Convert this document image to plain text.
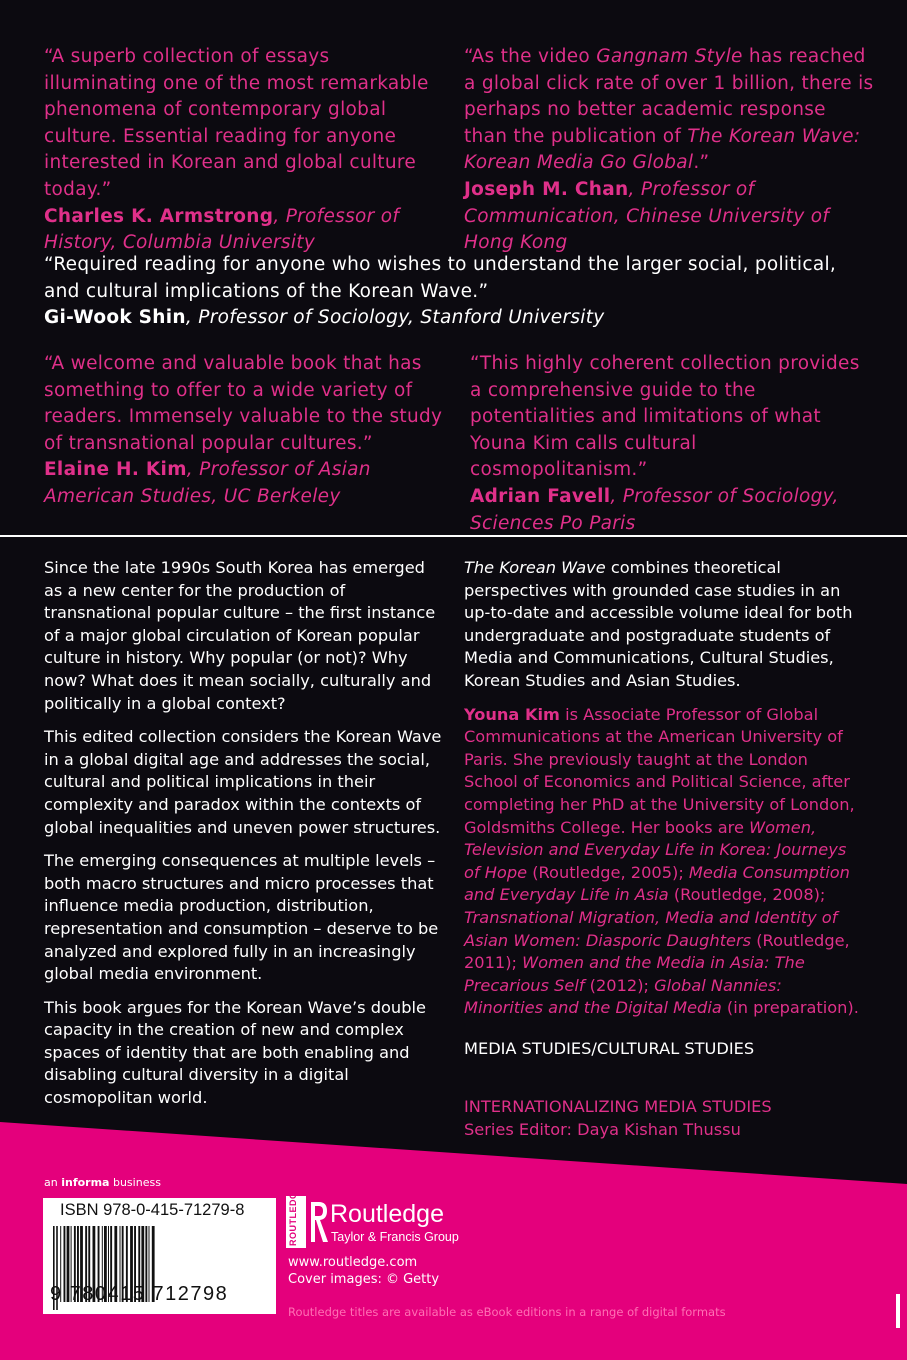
“A superb collection of essays illuminating one of the most remarkable phenomena of contemporary global culture. Essential reading for anyone interested in Korean and global culture today.”
Charles K. Armstrong, Professor of History, Columbia University
“As the video Gangnam Style has reached a global click rate of over 1 billion, there is perhaps no better academic response than the publication of The Korean Wave: Korean Media Go Global.”
Joseph M. Chan, Professor of Communication, Chinese University of Hong Kong
“Required reading for anyone who wishes to understand the larger social, political, and cultural implications of the Korean Wave.”
Gi-Wook Shin, Professor of Sociology, Stanford University
“A welcome and valuable book that has something to offer to a wide variety of readers. Immensely valuable to the study of transnational popular cultures.”
Elaine H. Kim, Professor of Asian American Studies, UC Berkeley
“This highly coherent collection provides a comprehensive guide to the potentialities and limitations of what Youna Kim calls cultural cosmopolitanism.”
Adrian Favell, Professor of Sociology, Sciences Po Paris

Since the late 1990s South Korea has emerged as a new center for the production of transnational popular culture – the first instance of a major global circulation of Korean popular culture in history. Why popular (or not)? Why now? What does it mean socially, culturally and politically in a global context?

This edited collection considers the Korean Wave in a global digital age and addresses the social, cultural and political implications in their complexity and paradox within the contexts of global inequalities and uneven power structures.

The emerging consequences at multiple levels – both macro structures and micro processes that influence media production, distribution, representation and consumption – deserve to be analyzed and explored fully in an increasingly global media environment.

This book argues for the Korean Wave’s double capacity in the creation of new and complex spaces of identity that are both enabling and disabling cultural diversity in a digital cosmopolitan world.

The Korean Wave combines theoretical perspectives with grounded case studies in an up-to-date and accessible volume ideal for both undergraduate and postgraduate students of Media and Communications, Cultural Studies, Korean Studies and Asian Studies.

Youna Kim is Associate Professor of Global Communications at the American University of Paris. She previously taught at the London School of Economics and Political Science, after completing her PhD at the University of London, Goldsmiths College. Her books are Women, Television and Everyday Life in Korea: Journeys of Hope (Routledge, 2005); Media Consumption and Everyday Life in Asia (Routledge, 2008); Transnational Migration, Media and Identity of Asian Women: Diasporic Daughters (Routledge, 2011); Women and the Media in Asia: The Precarious Self (2012); Global Nannies: Minorities and the Digital Media (in preparation).

MEDIA STUDIES/CULTURAL STUDIES
INTERNATIONALIZING MEDIA STUDIES
Series Editor: Daya Kishan Thussu
an informa business
ISBN 978-0-415-71279-8
9 780415 712798
ROUTLEDGE Routledge
Taylor & Francis Group
www.routledge.com
Cover images: © Getty
Routledge titles are available as eBook editions in a range of digital formats
